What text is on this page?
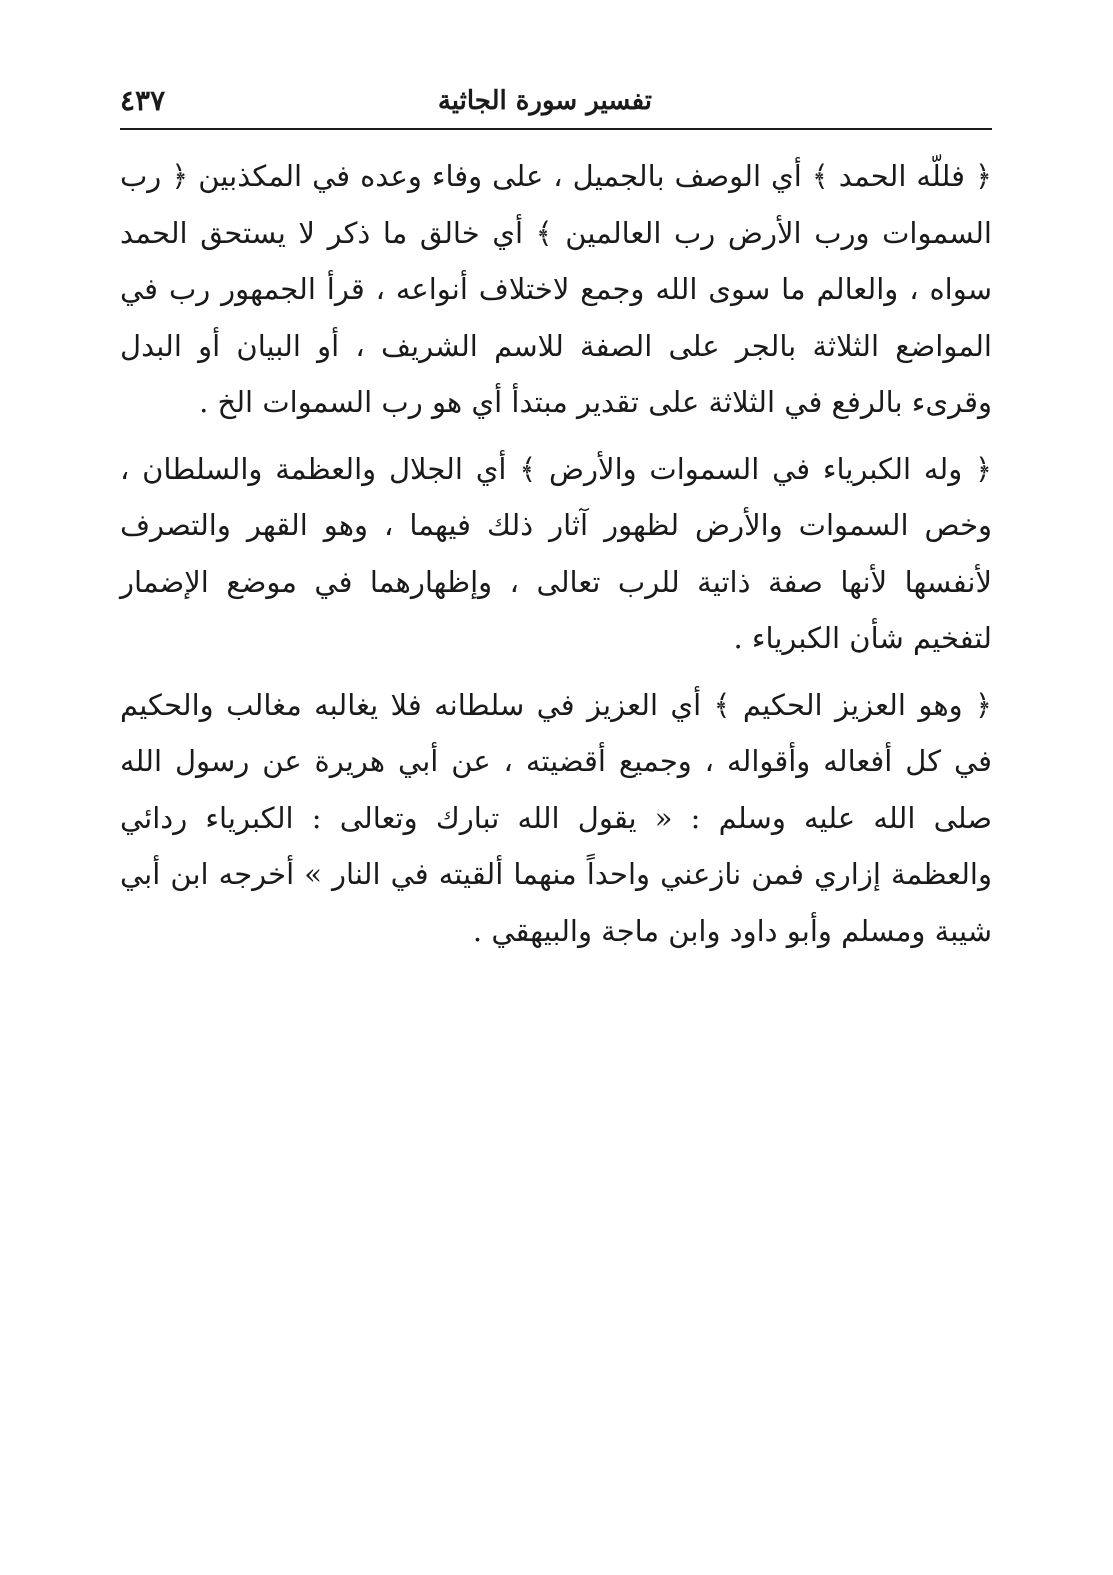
تفسير سورة الجاثية
٤٣٧

﴿ فللّه الحمد ﴾ أي الوصف بالجميل ، على وفاء وعده في المكذبين ﴿ رب السموات ورب الأرض رب العالمين ﴾ أي خالق ما ذكر لا يستحق الحمد سواه ، والعالم ما سوى الله وجمع لاختلاف أنواعه ، قرأ الجمهور رب في المواضع الثلاثة بالجر على الصفة للاسم الشريف ، أو البيان أو البدل وقرىء بالرفع في الثلاثة على تقدير مبتدأ أي هو رب السموات الخ .

﴿ وله الكبرياء في السموات والأرض ﴾ أي الجلال والعظمة والسلطان ، وخص السموات والأرض لظهور آثار ذلك فيهما ، وهو القهر والتصرف لأنفسها لأنها صفة ذاتية للرب تعالى ، وإظهارهما في موضع الإضمار لتفخيم شأن الكبرياء .

﴿ وهو العزيز الحكيم ﴾ أي العزيز في سلطانه فلا يغالبه مغالب والحكيم في كل أفعاله وأقواله ، وجميع أقضيته ، عن أبي هريرة عن رسول الله صلى الله عليه وسلم : « يقول الله تبارك وتعالى : الكبرياء ردائي والعظمة إزاري فمن نازعني واحداً منهما ألقيته في النار » أخرجه ابن أبي شيبة ومسلم وأبو داود وابن ماجة والبيهقي .
